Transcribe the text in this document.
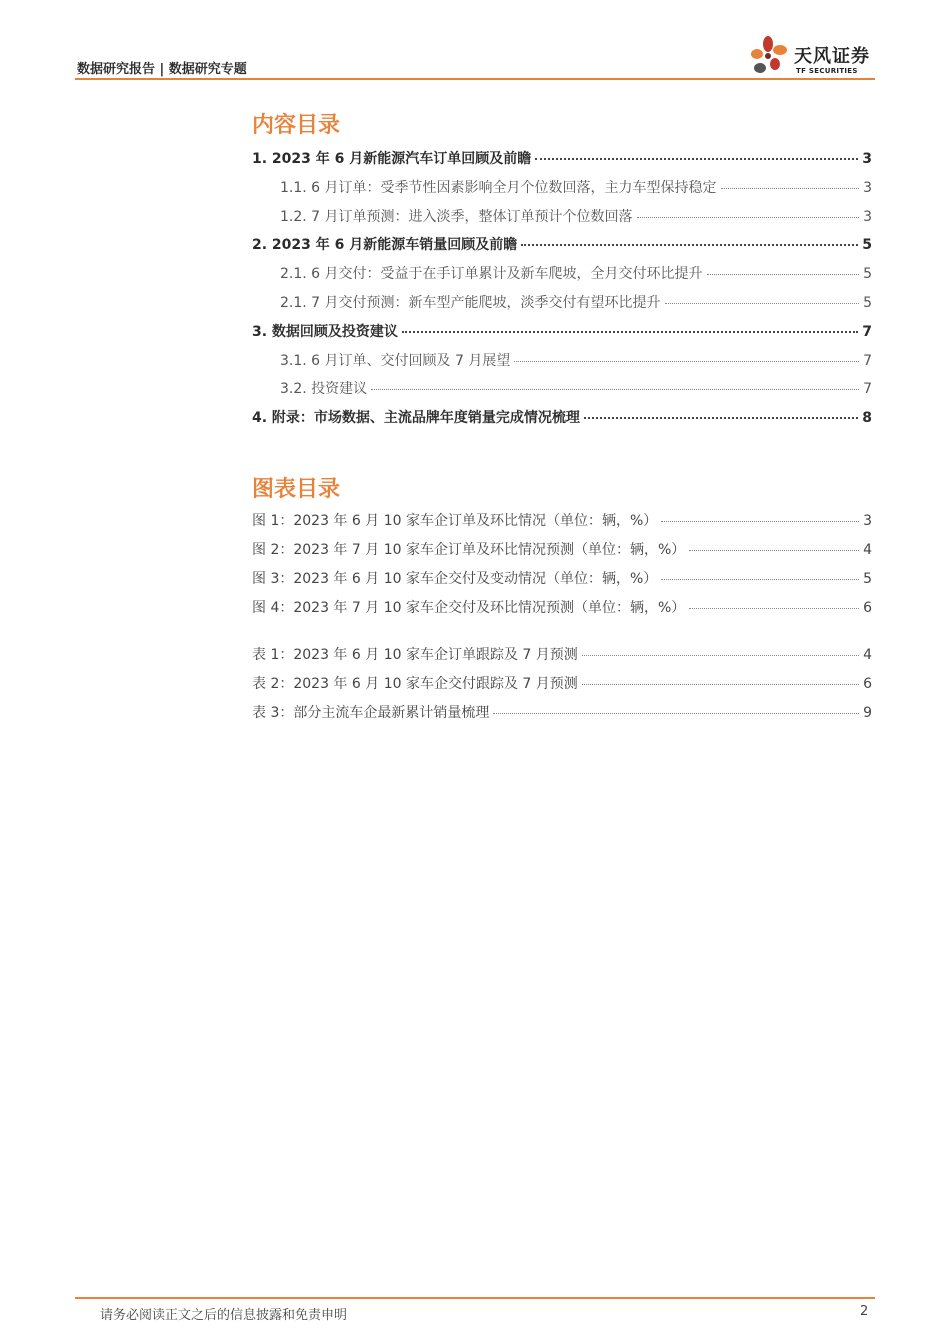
数据研究报告 | 数据研究专题
天风证券
TF SECURITIES
内容目录
1. 2023 年 6 月新能源汽车订单回顾及前瞻	3
1.1. 6 月订单：受季节性因素影响全月个位数回落，主力车型保持稳定	3
1.2. 7 月订单预测：进入淡季，整体订单预计个位数回落	3
2. 2023 年 6 月新能源车销量回顾及前瞻	5
2.1. 6 月交付：受益于在手订单累计及新车爬坡，全月交付环比提升	5
2.1. 7 月交付预测：新车型产能爬坡，淡季交付有望环比提升	5
3. 数据回顾及投资建议	7
3.1. 6 月订单、交付回顾及 7 月展望	7
3.2. 投资建议	7
4. 附录：市场数据、主流品牌年度销量完成情况梳理	8
图表目录
图 1：2023 年 6 月 10 家车企订单及环比情况（单位：辆，%）	3
图 2：2023 年 7 月 10 家车企订单及环比情况预测（单位：辆，%）	4
图 3：2023 年 6 月 10 家车企交付及变动情况（单位：辆，%）	5
图 4：2023 年 7 月 10 家车企交付及环比情况预测（单位：辆，%）	6
表 1：2023 年 6 月 10 家车企订单跟踪及 7 月预测	4
表 2：2023 年 6 月 10 家车企交付跟踪及 7 月预测	6
表 3：部分主流车企最新累计销量梳理	9
请务必阅读正文之后的信息披露和免责申明	2
